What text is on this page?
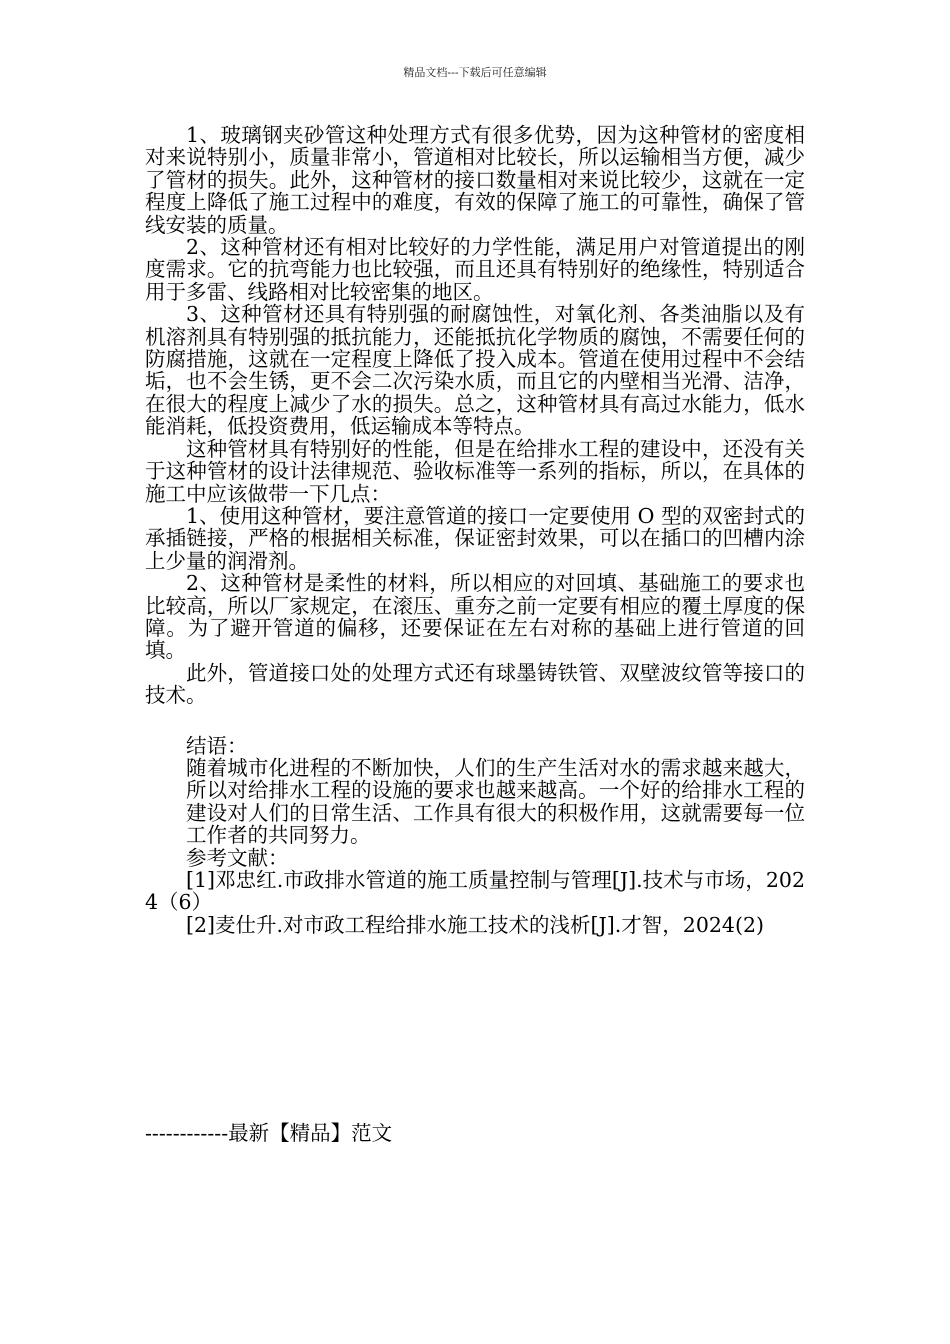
精品文档---下载后可任意编辑

1、玻璃钢夹砂管这种处理方式有很多优势，因为这种管材的密度相对来说特别小，质量非常小，管道相对比较长，所以运输相当方便，减少了管材的损失。此外，这种管材的接口数量相对来说比较少，这就在一定程度上降低了施工过程中的难度，有效的保障了施工的可靠性，确保了管线安装的质量。

2、这种管材还有相对比较好的力学性能，满足用户对管道提出的刚度需求。它的抗弯能力也比较强，而且还具有特别好的绝缘性，特别适合用于多雷、线路相对比较密集的地区。

3、这种管材还具有特别强的耐腐蚀性，对氧化剂、各类油脂以及有机溶剂具有特别强的抵抗能力，还能抵抗化学物质的腐蚀，不需要任何的防腐措施，这就在一定程度上降低了投入成本。管道在使用过程中不会结垢，也不会生锈，更不会二次污染水质，而且它的内壁相当光滑、洁净，在很大的程度上减少了水的损失。总之，这种管材具有高过水能力，低水能消耗，低投资费用，低运输成本等特点。

这种管材具有特别好的性能，但是在给排水工程的建设中，还没有关于这种管材的设计法律规范、验收标准等一系列的指标，所以，在具体的施工中应该做带一下几点：

1、使用这种管材，要注意管道的接口一定要使用 O 型的双密封式的承插链接，严格的根据相关标准，保证密封效果，可以在插口的凹槽内涂上少量的润滑剂。

2、这种管材是柔性的材料，所以相应的对回填、基础施工的要求也比较高，所以厂家规定，在滚压、重夯之前一定要有相应的覆土厚度的保障。为了避开管道的偏移，还要保证在左右对称的基础上进行管道的回填。

此外，管道接口处的处理方式还有球墨铸铁管、双壁波纹管等接口的技术。

结语：

随着城市化进程的不断加快，人们的生产生活对水的需求越来越大，所以对给排水工程的设施的要求也越来越高。一个好的给排水工程的建设对人们的日常生活、工作具有很大的积极作用，这就需要每一位工作者的共同努力。

参考文献：

[1]邓忠红.市政排水管道的施工质量控制与管理[J].技术与市场，2024（6）

[2]麦仕升.对市政工程给排水施工技术的浅析[J].才智，2024(2)

------------最新【精品】范文
